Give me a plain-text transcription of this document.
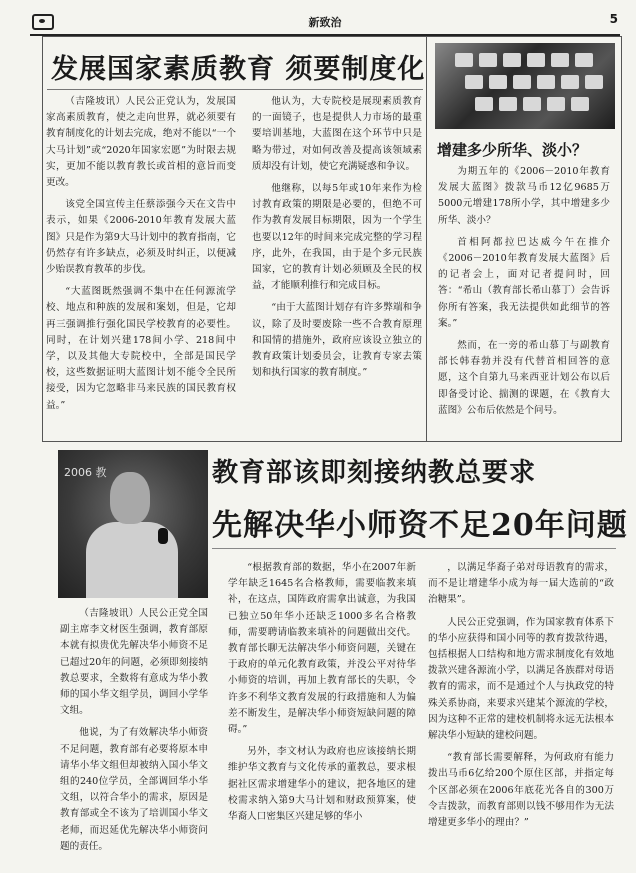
新致治	5
发展国家素质教育 须要制度化

（吉隆坡讯）人民公正党认为，发展国家高素质教育，使之走向世界，就必须要有教育制度化的计划去完成，绝对不能以“一个大马计划”或“2020年国家宏愿”为时限去规实，更加不能以教育教长或首相的意旨而变更改。

该党全国宣传主任蔡添强今天在文告中表示，如果《2006-2010年教育发展大蓝图》只是作为第9大马计划中的教育指南，它仍然存有许多缺点，必须及时纠正，以便减少贻误教育教革的步伐。

“大蓝图既然强调不集中在任何源流学校、地点和种族的发展和案划，但是，它却再三强调推行强化国民学校教育的必要性。同时，在计划兴建178间小学、218间中学，以及其他大专院校中，全部是国民学校，这些数据证明大蓝图计划不能令全民所接受，因为它忽略非马来民族的国民教育权益。”

他认为，大专院校是展现素质教育的一面镜子，也是提供人力市场的最重要培训基地，大蓝图在这个环节中只是略为带过，对如何改善及提高该领域素质却没有计划，使它充满疑惑和争议。

他继称，以每5年或10年来作为检讨教育政策的期限是必要的，但绝不可作为教育发展目标期限，因为一个学生也要以12年的时间来完成完整的学习程序，此外，在我国，由于是个多元民族国家，它的教育计划必须顾及全民的权益，才能顺利推行和完成目标。

“由于大蓝图计划存有许多弊端和争议，除了及时要废除一些不合教育原理和国情的措施外，政府应该设立独立的教育政策计划委员会，让教育专家去策划和执行国家的教育制度。”

增建多少所华、淡小？

为期五年的《2006－2010年教育发展大蓝图》拨款马币12亿9685万5000元增建178所小学，其中增建多少所华、淡小？

首相阿都拉巴达威今午在推介《2006－2010年教育发展大蓝图》后的记者会上，面对记者提问时，回答：“希山（教育部长希山慕丁）会告诉你所有答案，我无法提供如此细节的答案。”

然而，在一旁的希山慕丁与副教育部长韩春勃并没有代替首相回答的意愿，这个自第九马来西亚计划公布以后即备受讨论、揣测的课题，在《教育大蓝图》公布后依然是个问号。

2006 教	教育部该即刻接纳教总要求
先解决华小师资不足20年问题

（吉隆坡讯）人民公正党全国副主席李文材医生强调，教育部原本就有拟贵优先解决华小师资不足已超过20年的问题，必须即刻接纳教总要求，全数将有意成为华小教师的国小华文组学员，调回小学华文组。

他说，为了有效解决华小师资不足问题，教育部有必要将原本申请华小华文组但却被纳入国小华文组的240位学员，全部调回华小华文组，以符合华小的需求，原因是教育部或全不该为了培训国小华文老师，而迟延优先解决华小师资问题的责任。

“根据教育部的数据，华小在2007年新学年缺乏1645名合格教师，需要临教来填补，在这点，国阵政府需拿出诚意，为我国已独立50年华小还缺乏1000多名合格教师，需要聘请临教来填补的问题做出交代。教育部长聊无法解决华小师资问题，关键在于政府的单元化教育政策，并没公平对待华小师资的培训，再加上教育部长的失职，令许多不利华文教育发展的行政措施和人为偏差不断发生，是解决华小师资短缺问题的障碍。”

另外，李文材认为政府也应该接纳长期维护华文教育与文化传承的董教总，要求根据社区需求增建华小的建议，把各地区的建校需求纳入第9大马计划和财政预算案，使华裔人口密集区兴建足够的华小

，以满足华裔子弟对母语教育的需求，而不是让增建华小成为每一届大选前的“政治糖果”。

人民公正党强调，作为国家教育体系下的华小应获得和国小同等的教育拨款待遇，包括根据人口结构和地方需求制度化有效地拨款兴建各源流小学，以满足各族群对母语教育的需求，而不是通过个人与执政党的特殊关系协商，来要求兴建某个源流的学校，因为这种不正常的建校机制将永远无法根本解决华小短缺的建校问题。

“教育部长需要解释，为何政府有能力拨出马币6亿给200个原住区部，并指定每个区部必须在2006年底花光各自的300万令吉拨款，而教育部则以钱不够用作为无法增建更多华小的理由？”
